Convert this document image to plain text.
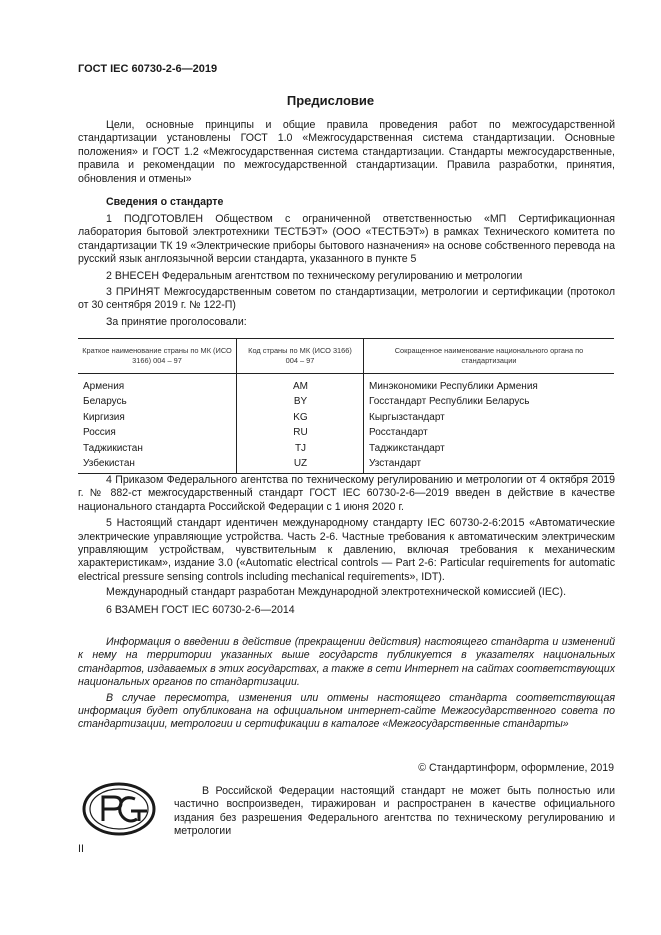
ГОСТ IEC 60730-2-6—2019
Предисловие

Цели, основные принципы и общие правила проведения работ по межгосударственной стандартизации установлены ГОСТ 1.0 «Межгосударственная система стандартизации. Основные положения» и ГОСТ 1.2 «Межгосударственная система стандартизации. Стандарты межгосударственные, правила и рекомендации по межгосударственной стандартизации. Правила разработки, принятия, обновления и отмены»

Сведения о стандарте

1 ПОДГОТОВЛЕН Обществом с ограниченной ответственностью «МП Сертификационная лаборатория бытовой электротехники ТЕСТБЭТ» (ООО «ТЕСТБЭТ») в рамках Технического комитета по стандартизации ТК 19 «Электрические приборы бытового назначения» на основе собственного перевода на русский язык англоязычной версии стандарта, указанного в пункте 5

2 ВНЕСЕН Федеральным агентством по техническому регулированию и метрологии

3 ПРИНЯТ Межгосударственным советом по стандартизации, метрологии и сертификации (протокол от 30 сентября 2019 г. № 122-П)

За принятие проголосовали:

Краткое наименование страны по МК (ИСО 3166) 004 – 97	Код страны по МК (ИСО 3166) 004 – 97	Сокращенное наименование национального органа по стандартизации
Армения	AM	Минэкономики Республики Армения
Беларусь	BY	Госстандарт Республики Беларусь
Киргизия	KG	Кыргызстандарт
Россия	RU	Росстандарт
Таджикистан	TJ	Таджикстандарт
Узбекистан	UZ	Узстандарт

4 Приказом Федерального агентства по техническому регулированию и метрологии от 4 октября 2019 г. № 882-ст межгосударственный стандарт ГОСТ IEC 60730-2-6—2019 введен в действие в качестве национального стандарта Российской Федерации с 1 июня 2020 г.

5 Настоящий стандарт идентичен международному стандарту IEC 60730-2-6:2015 «Автоматические электрические управляющие устройства. Часть 2-6. Частные требования к автоматическим электрическим управляющим устройствам, чувствительным к давлению, включая требования к механическим характеристикам», издание 3.0 («Automatic electrical controls — Part 2-6: Particular requirements for automatic electrical pressure sensing controls including mechanical requirements», IDT).

Международный стандарт разработан Международной электротехнической комиссией (IEC).

6 ВЗАМЕН ГОСТ IEC 60730-2-6—2014

Информация о введении в действие (прекращении действия) настоящего стандарта и изменений к нему на территории указанных выше государств публикуется в указателях национальных стандартов, издаваемых в этих государствах, а также в сети Интернет на сайтах соответствующих национальных органов по стандартизации.

В случае пересмотра, изменения или отмены настоящего стандарта соответствующая информация будет опубликована на официальном интернет-сайте Межгосударственного совета по стандартизации, метрологии и сертификации в каталоге «Межгосударственные стандарты»

© Стандартинформ, оформление, 2019

В Российской Федерации настоящий стандарт не может быть полностью или частично воспроизведен, тиражирован и распространен в качестве официального издания без разрешения Федерального агентства по техническому регулированию и метрологии

II
